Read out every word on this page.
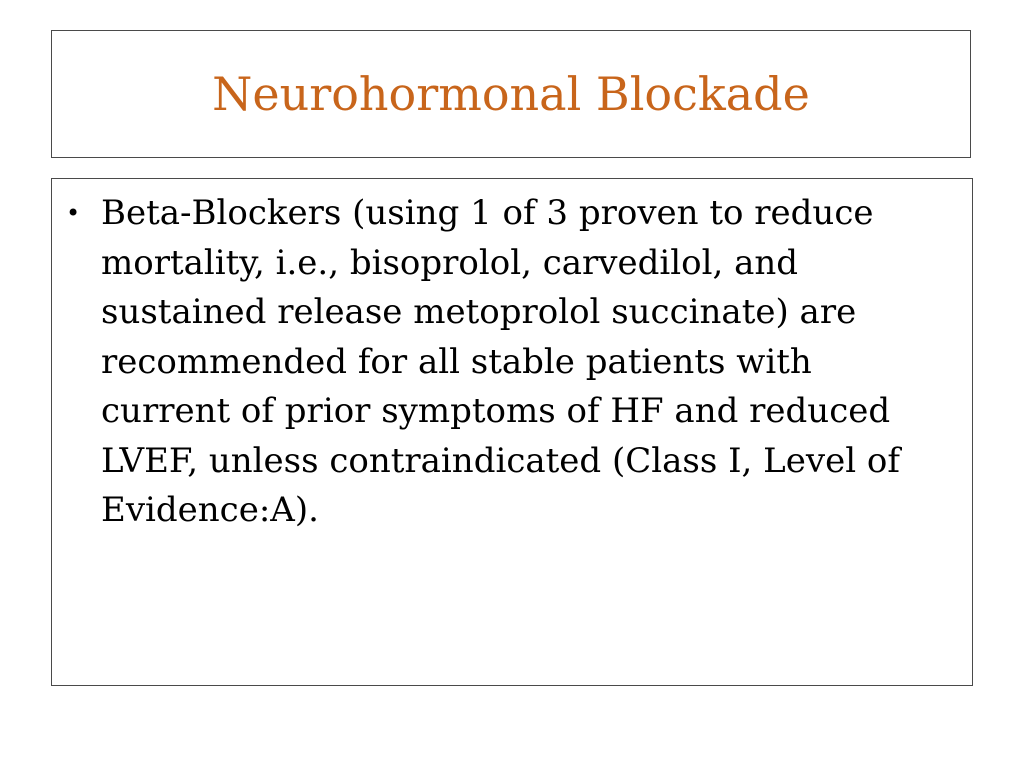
Neurohormonal Blockade
• Beta-Blockers (using 1 of 3 proven to reduce mortality, i.e., bisoprolol, carvedilol, and sustained release metoprolol succinate) are recommended for all stable patients with current of prior symptoms of HF and reduced LVEF, unless contraindicated (Class I, Level of Evidence:A).
